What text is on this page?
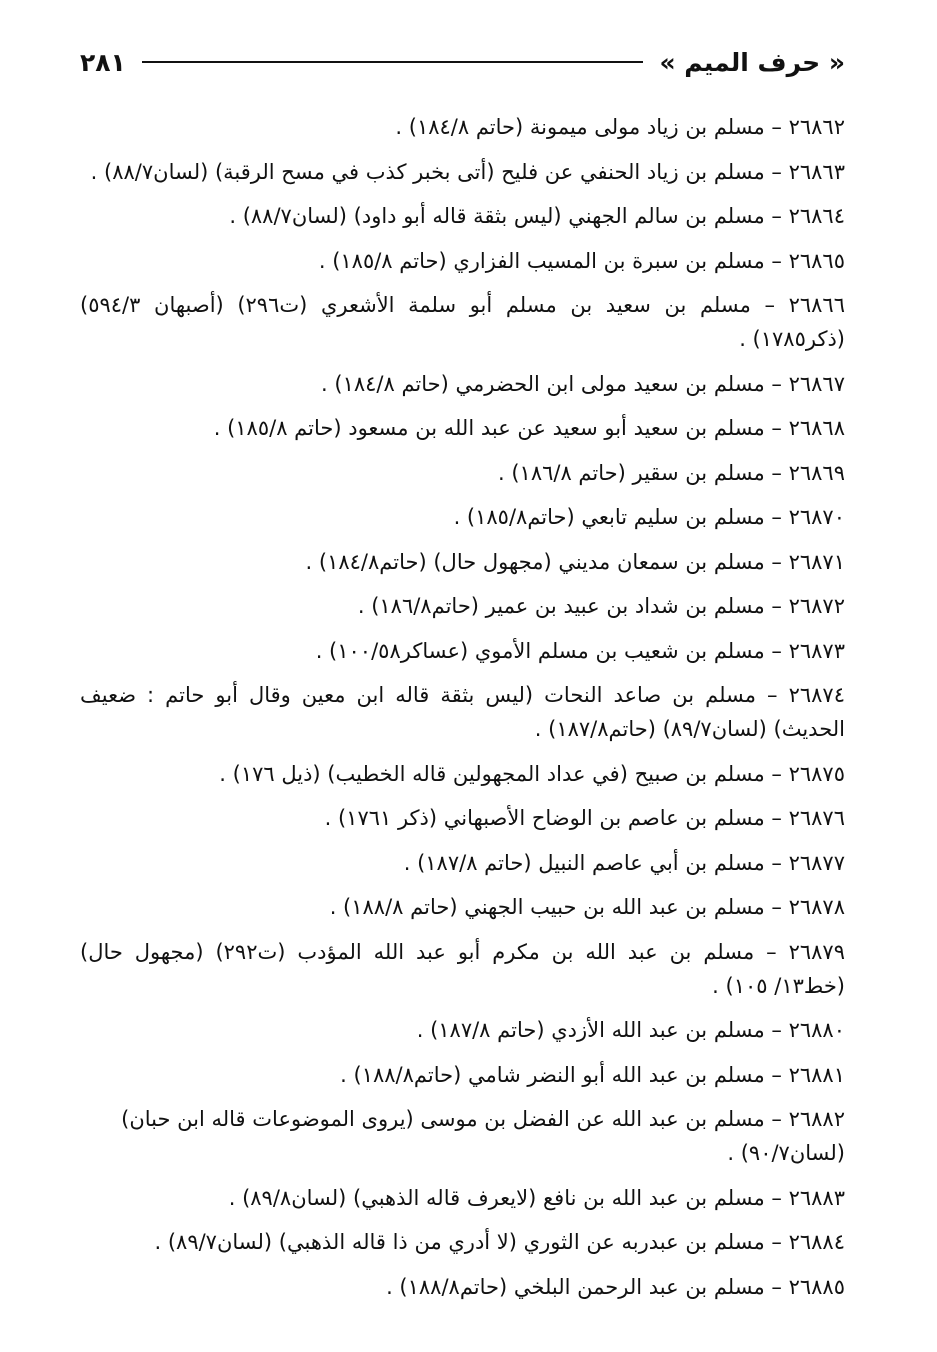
« حرف الميم »
٢٨١

٢٦٨٦٢ – مسلم بن زياد مولى ميمونة (حاتم ١٨٤/٨) .

٢٦٨٦٣ – مسلم بن زياد الحنفي عن فليح (أتى بخبر كذب في مسح الرقبة) (لسان٨٨/٧) .

٢٦٨٦٤ – مسلم بن سالم الجهني (ليس بثقة قاله أبو داود) (لسان٨٨/٧) .

٢٦٨٦٥ – مسلم بن سبرة بن المسيب الفزاري (حاتم ١٨٥/٨) .

٢٦٨٦٦ – مسلم بن سعيد بن مسلم أبو سلمة الأشعري (ت٢٩٦) (أصبهان ٥٩٤/٣) (ذكر١٧٨٥) .

٢٦٨٦٧ – مسلم بن سعيد مولى ابن الحضرمي (حاتم ١٨٤/٨) .

٢٦٨٦٨ – مسلم بن سعيد أبو سعيد عن عبد الله بن مسعود (حاتم ١٨٥/٨) .

٢٦٨٦٩ – مسلم بن سقير (حاتم ١٨٦/٨) .

٢٦٨٧٠ – مسلم بن سليم تابعي (حاتم١٨٥/٨) .

٢٦٨٧١ – مسلم بن سمعان مديني (مجهول حال) (حاتم١٨٤/٨) .

٢٦٨٧٢ – مسلم بن شداد بن عبيد بن عمير (حاتم١٨٦/٨) .

٢٦٨٧٣ – مسلم بن شعيب بن مسلم الأموي (عساكر١٠٠/٥٨) .

٢٦٨٧٤ – مسلم بن صاعد النحات (ليس بثقة قاله ابن معين وقال أبو حاتم : ضعيف الحديث) (لسان٨٩/٧) (حاتم١٨٧/٨) .

٢٦٨٧٥ – مسلم بن صبيح (في عداد المجهولين قاله الخطيب) (ذيل ١٧٦) .

٢٦٨٧٦ – مسلم بن عاصم بن الوضاح الأصبهاني (ذكر ١٧٦١) .

٢٦٨٧٧ – مسلم بن أبي عاصم النبيل (حاتم ١٨٧/٨) .

٢٦٨٧٨ – مسلم بن عبد الله بن حبيب الجهني (حاتم ١٨٨/٨) .

٢٦٨٧٩ – مسلم بن عبد الله بن مكرم أبو عبد الله المؤدب (ت٢٩٢) (مجهول حال) (خط١٣/ ١٠٥) .

٢٦٨٨٠ – مسلم بن عبد الله الأزدي (حاتم ١٨٧/٨) .

٢٦٨٨١ – مسلم بن عبد الله أبو النضر شامي (حاتم١٨٨/٨) .

٢٦٨٨٢ – مسلم بن عبد الله عن الفضل بن موسى (يروى الموضوعات قاله ابن حبان) (لسان٩٠/٧) .

٢٦٨٨٣ – مسلم بن عبد الله بن نافع (لايعرف قاله الذهبي) (لسان٨٩/٨) .

٢٦٨٨٤ – مسلم بن عبدربه عن الثوري (لا أدري من ذا قاله الذهبي) (لسان٨٩/٧) .

٢٦٨٨٥ – مسلم بن عبد الرحمن البلخي (حاتم١٨٨/٨) .
